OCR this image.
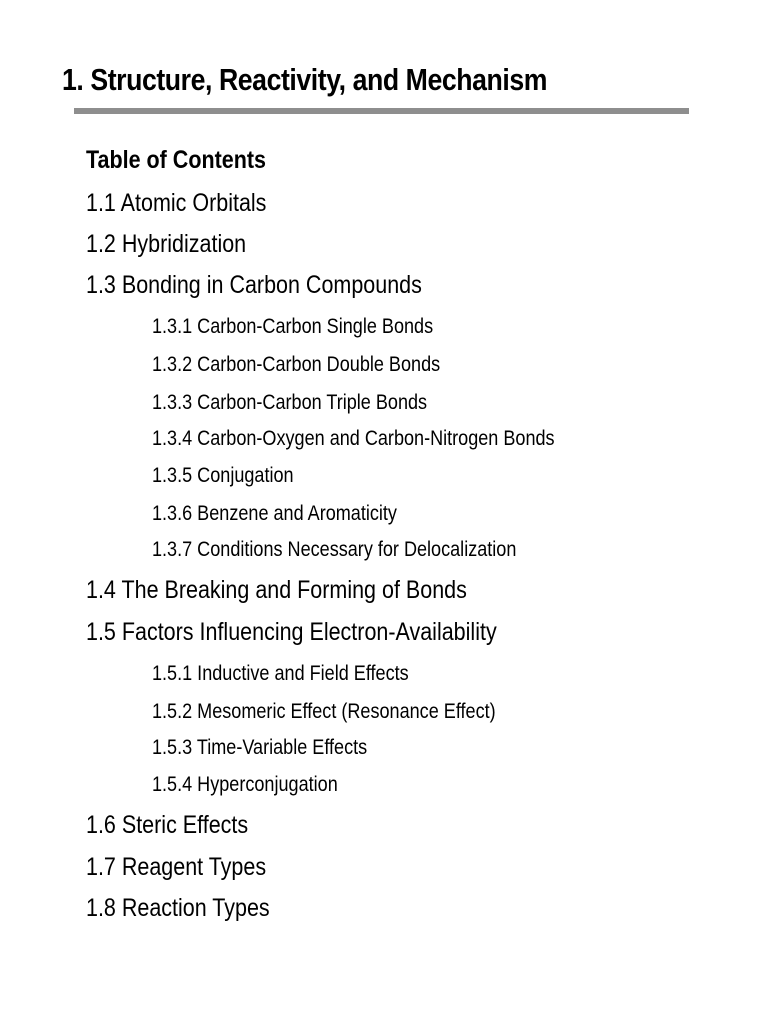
1. Structure, Reactivity, and Mechanism
Table of Contents
1.1 Atomic Orbitals
1.2 Hybridization
1.3 Bonding in Carbon Compounds
1.3.1 Carbon-Carbon Single Bonds
1.3.2 Carbon-Carbon Double Bonds
1.3.3 Carbon-Carbon Triple Bonds
1.3.4 Carbon-Oxygen and Carbon-Nitrogen Bonds
1.3.5 Conjugation
1.3.6 Benzene and Aromaticity
1.3.7 Conditions Necessary for Delocalization
1.4 The Breaking and Forming of Bonds
1.5 Factors Influencing Electron-Availability
1.5.1 Inductive and Field Effects
1.5.2 Mesomeric Effect (Resonance Effect)
1.5.3 Time-Variable Effects
1.5.4 Hyperconjugation
1.6 Steric Effects
1.7 Reagent Types
1.8 Reaction Types
